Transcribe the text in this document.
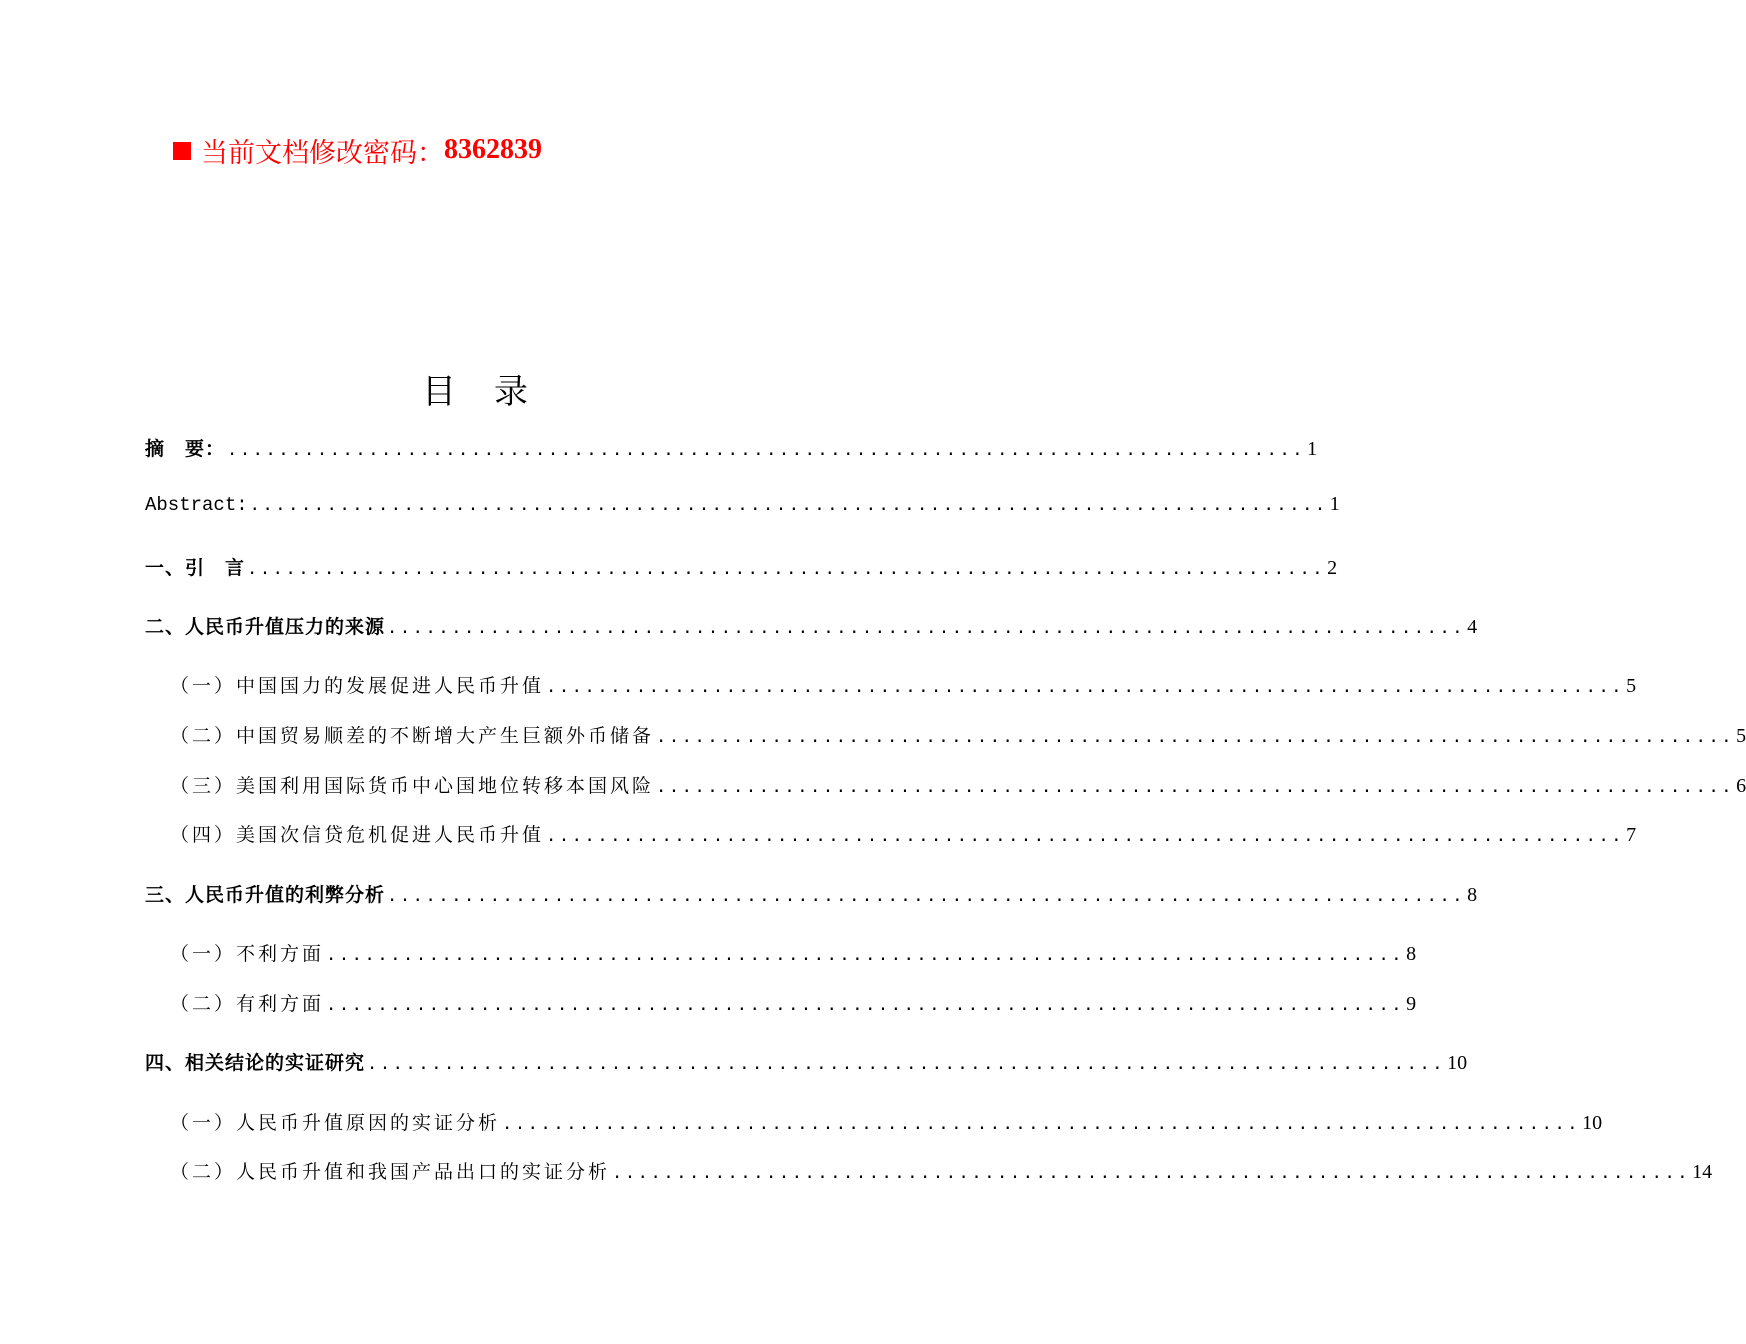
当前文档修改密码： 8362839
目 录
摘　要： .................................................................................... 1
Abstract: .................................................................................... 1
一、引　言 .................................................................................... 2
二、人民币升值压力的来源 .................................................................................... 4
（一）中国国力的发展促进人民币升值 .................................................................................... 5
（二）中国贸易顺差的不断增大产生巨额外币储备 .................................................................................... 5
（三）美国利用国际货币中心国地位转移本国风险 .................................................................................... 6
（四）美国次信贷危机促进人民币升值 .................................................................................... 7
三、人民币升值的利弊分析 .................................................................................... 8
（一）不利方面 .................................................................................... 8
（二）有利方面 .................................................................................... 9
四、相关结论的实证研究 .................................................................................... 10
（一）人民币升值原因的实证分析 .................................................................................... 10
（二）人民币升值和我国产品出口的实证分析 .................................................................................... 14
